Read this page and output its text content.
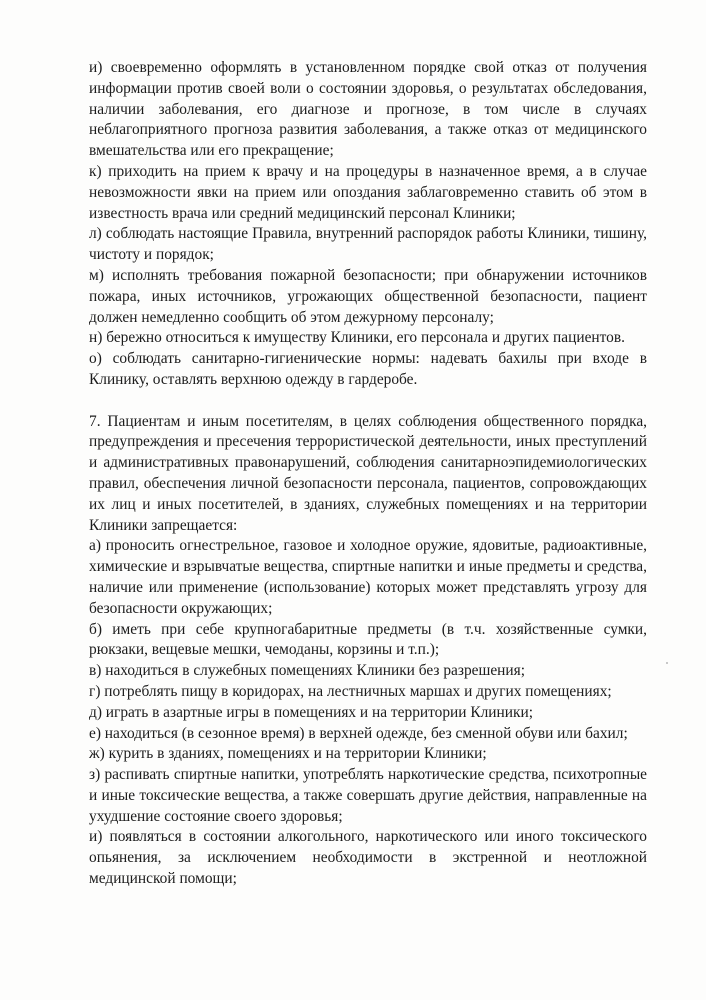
и) своевременно оформлять в установленном порядке свой отказ от получения информации против своей воли о состоянии здоровья, о результатах обследования, наличии заболевания, его диагнозе и прогнозе, в том числе в случаях неблагоприятного прогноза развития заболевания, а также отказ от медицинского вмешательства или его прекращение;

к) приходить на прием к врачу и на процедуры в назначенное время, а в случае невозможности явки на прием или опоздания заблаговременно ставить об этом в известность врача или средний медицинский персонал Клиники;

л) соблюдать настоящие Правила, внутренний распорядок работы Клиники, тишину, чистоту и порядок;

м) исполнять требования пожарной безопасности; при обнаружении источников пожара, иных источников, угрожающих общественной безопасности, пациент должен немедленно сообщить об этом дежурному персоналу;

н) бережно относиться к имуществу Клиники, его персонала и других пациентов.

о) соблюдать санитарно-гигиенические нормы: надевать бахилы при входе в Клинику, оставлять верхнюю одежду в гардеробе.

7. Пациентам и иным посетителям, в целях соблюдения общественного порядка, предупреждения и пресечения террористической деятельности, иных преступлений и административных правонарушений, соблюдения санитарноэпидемиологических правил, обеспечения личной безопасности персонала, пациентов, сопровождающих их лиц и иных посетителей, в зданиях, служебных помещениях и на территории Клиники запрещается:

а) проносить огнестрельное, газовое и холодное оружие, ядовитые, радиоактивные, химические и взрывчатые вещества, спиртные напитки и иные предметы и средства, наличие или применение (использование) которых может представлять угрозу для безопасности окружающих;

б) иметь при себе крупногабаритные предметы (в т.ч. хозяйственные сумки, рюкзаки, вещевые мешки, чемоданы, корзины и т.п.);

в) находиться в служебных помещениях Клиники без разрешения;

г) потреблять пищу в коридорах, на лестничных маршах и других помещениях;

д) играть в азартные игры в помещениях и на территории Клиники;

е) находиться (в сезонное время) в верхней одежде, без сменной обуви или бахил;

ж) курить в зданиях, помещениях и на территории Клиники;

з) распивать спиртные напитки, употреблять наркотические средства, психотропные и иные токсические вещества, а также совершать другие действия, направленные на ухудшение состояние своего здоровья;

и) появляться в состоянии алкогольного, наркотического или иного токсического опьянения, за исключением необходимости в экстренной и неотложной медицинской помощи;
